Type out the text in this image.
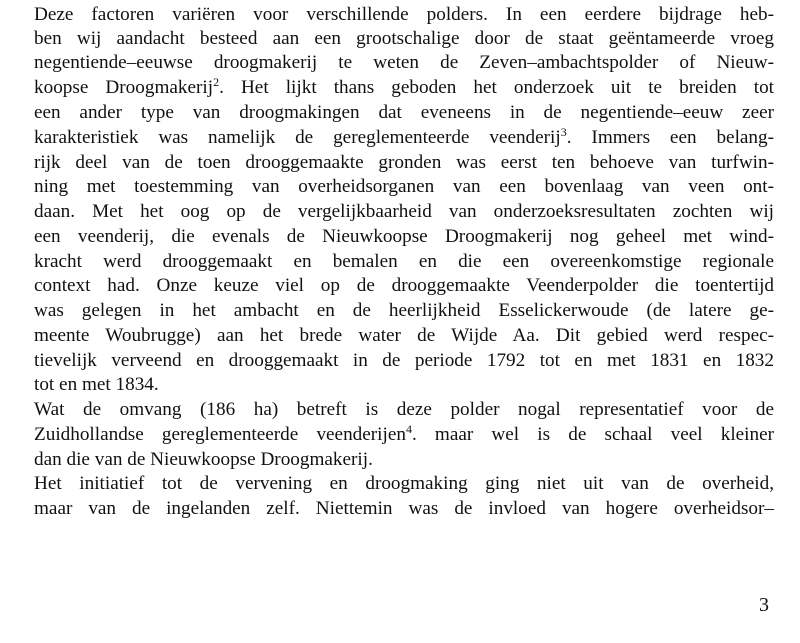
Deze factoren variëren voor verschillende polders. In een eerdere bijdrage heb-
ben wij aandacht besteed aan een grootschalige door de staat geëntameerde vroeg
negentiende–eeuwse droogmakerij te weten de Zeven–ambachtspolder of Nieuw-
koopse Droogmakerij$^2$. Het lijkt thans geboden het onderzoek uit te breiden tot
een ander type van droogmakingen dat eveneens in de negentiende–eeuw zeer
karakteristiek was namelijk de gereglementeerde veenderij$^3$. Immers een belang-
rijk deel van de toen drooggemaakte gronden was eerst ten behoeve van turfwin-
ning met toestemming van overheidsorganen van een bovenlaag van veen ont-
daan. Met het oog op de vergelijkbaarheid van onderzoeksresultaten zochten wij
een veenderij, die evenals de Nieuwkoopse Droogmakerij nog geheel met wind-
kracht werd drooggemaakt en bemalen en die een overeenkomstige regionale
context had. Onze keuze viel op de drooggemaakte Veenderpolder die toentertijd
was gelegen in het ambacht en de heerlijkheid Esselickerwoude (de latere ge-
meente Woubrugge) aan het brede water de Wijde Aa. Dit gebied werd respec-
tievelijk verveend en drooggemaakt in de periode 1792 tot en met 1831 en 1832
tot en met 1834.
Wat de omvang (186 ha) betreft is deze polder nogal representatief voor de
Zuidhollandse gereglementeerde veenderijen$^4$. maar wel is de schaal veel kleiner
dan die van de Nieuwkoopse Droogmakerij.
Het initiatief tot de vervening en droogmaking ging niet uit van de overheid,
maar van de ingelanden zelf. Niettemin was de invloed van hogere overheidsor–
3
